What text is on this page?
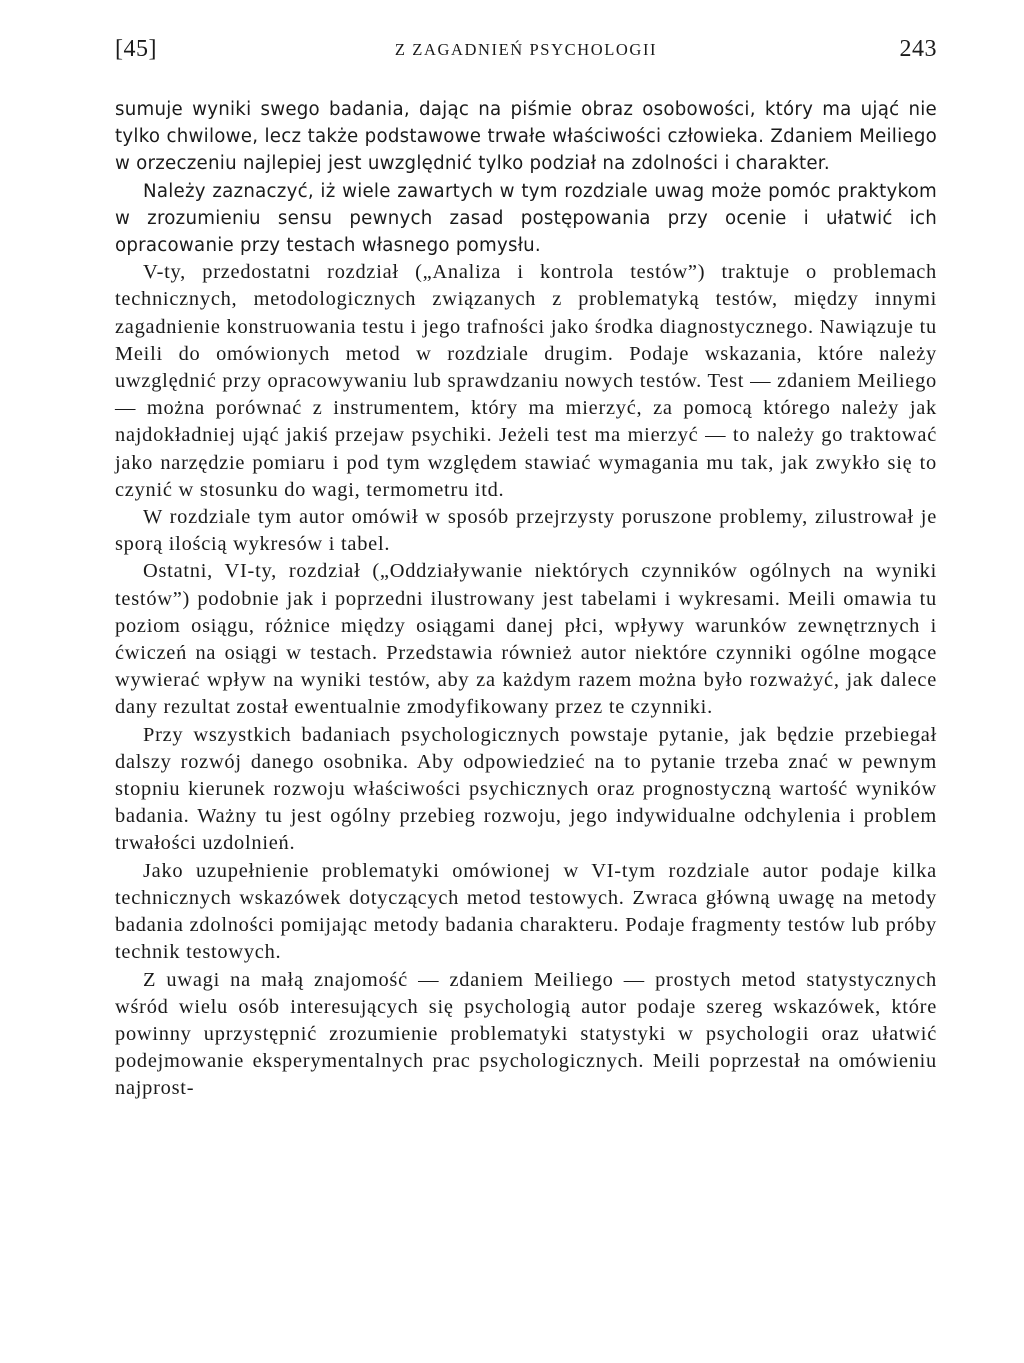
[45]	Z ZAGADNIEŃ PSYCHOLOGII	243

sumuje wyniki swego badania, dając na piśmie obraz osobowości, który ma ująć nie tylko chwilowe, lecz także podstawowe trwałe właściwości człowieka. Zdaniem Meiliego w orzeczeniu najlepiej jest uwzględnić tylko podział na zdolności i charakter.

Należy zaznaczyć, iż wiele zawartych w tym rozdziale uwag może pomóc praktykom w zrozumieniu sensu pewnych zasad postępowania przy ocenie i ułatwić ich opracowanie przy testach własnego pomysłu.

V-ty, przedostatni rozdział („Analiza i kontrola testów”) traktuje o problemach technicznych, metodologicznych związanych z problematyką testów, między innymi zagadnienie konstruowania testu i jego trafności jako środka diagnostycznego. Nawiązuje tu Meili do omówionych metod w rozdziale drugim. Podaje wskazania, które należy uwzględnić przy opracowywaniu lub sprawdzaniu nowych testów. Test — zdaniem Meiliego — można porównać z instrumentem, który ma mierzyć, za pomocą którego należy jak najdokładniej ująć jakiś przejaw psychiki. Jeżeli test ma mierzyć — to należy go traktować jako narzędzie pomiaru i pod tym względem stawiać wymagania mu tak, jak zwykło się to czynić w stosunku do wagi, termometru itd.

W rozdziale tym autor omówił w sposób przejrzysty poruszone problemy, zilustrował je sporą ilością wykresów i tabel.

Ostatni, VI-ty, rozdział („Oddziaływanie niektórych czynników ogólnych na wyniki testów”) podobnie jak i poprzedni ilustrowany jest tabelami i wykresami. Meili omawia tu poziom osiągu, różnice między osiągami danej płci, wpływy warunków zewnętrznych i ćwiczeń na osiągi w testach. Przedstawia również autor niektóre czynniki ogólne mogące wywierać wpływ na wyniki testów, aby za każdym razem można było rozważyć, jak dalece dany rezultat został ewentualnie zmodyfikowany przez te czynniki.

Przy wszystkich badaniach psychologicznych powstaje pytanie, jak będzie przebiegał dalszy rozwój danego osobnika. Aby odpowiedzieć na to pytanie trzeba znać w pewnym stopniu kierunek rozwoju właściwości psychicznych oraz prognostyczną wartość wyników badania. Ważny tu jest ogólny przebieg rozwoju, jego indywidualne odchylenia i problem trwałości uzdolnień.

Jako uzupełnienie problematyki omówionej w VI-tym rozdziale autor podaje kilka technicznych wskazówek dotyczących metod testowych. Zwraca główną uwagę na metody badania zdolności pomijając metody badania charakteru. Podaje fragmenty testów lub próby technik testowych.

Z uwagi na małą znajomość — zdaniem Meiliego — prostych metod statystycznych wśród wielu osób interesujących się psychologią autor podaje szereg wskazówek, które powinny uprzystępnić zrozumienie problematyki statystyki w psychologii oraz ułatwić podejmowanie eksperymentalnych prac psychologicznych. Meili poprzestał na omówieniu najprost-
